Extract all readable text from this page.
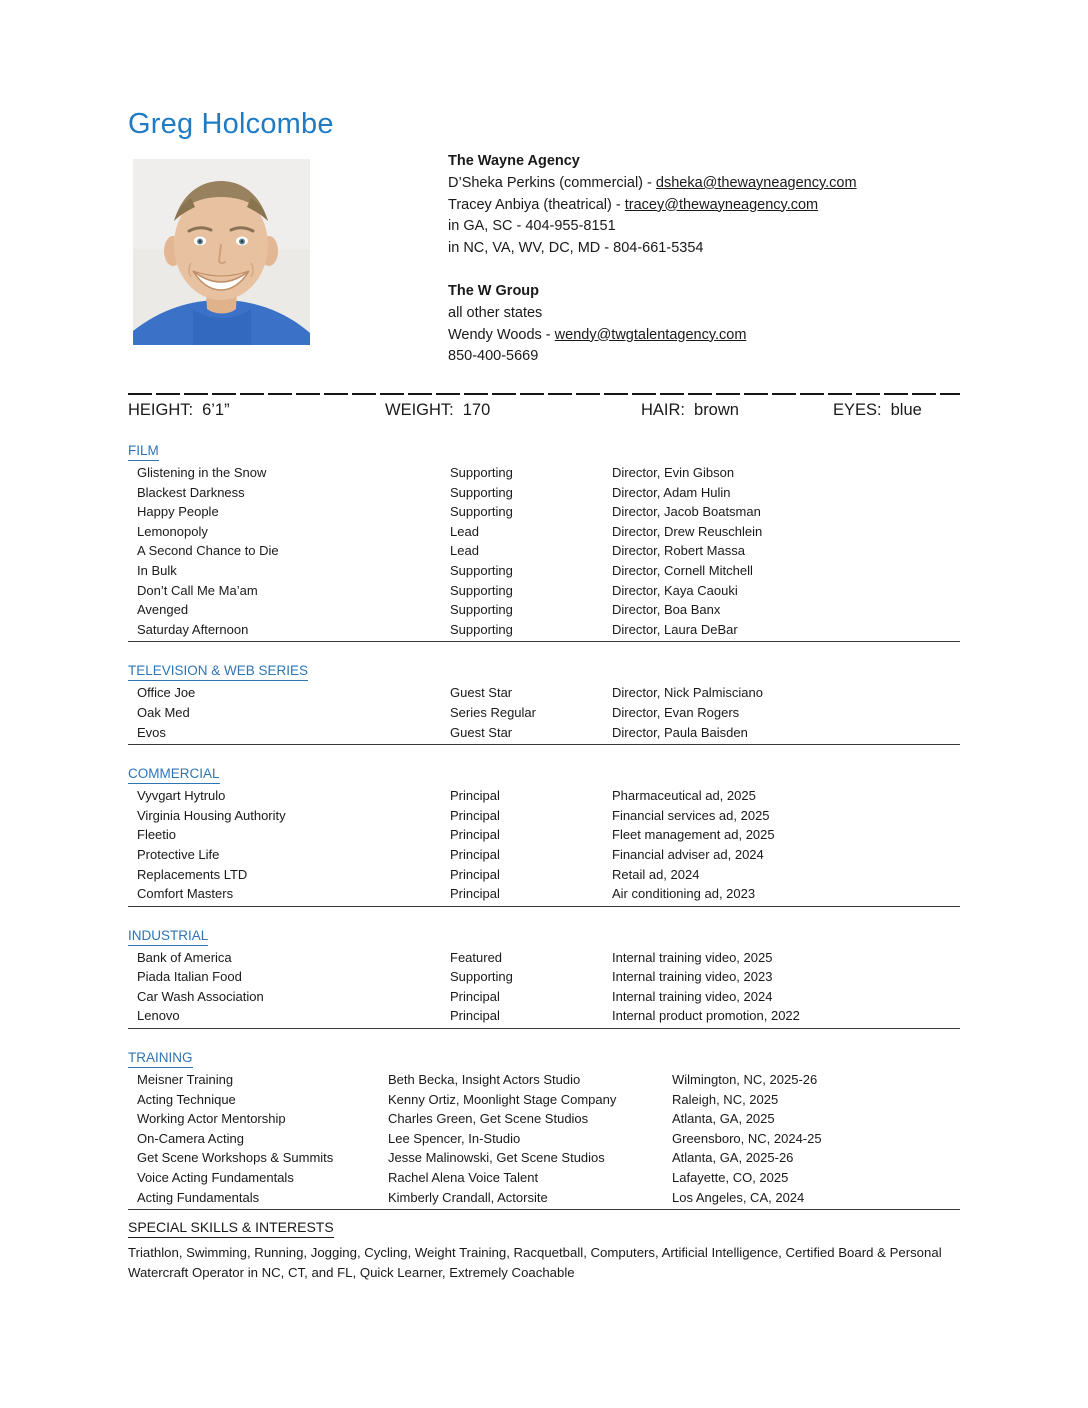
Greg Holcombe
The Wayne Agency
D’Sheka Perkins (commercial) - dsheka@thewayneagency.com
Tracey Anbiya (theatrical) - tracey@thewayneagency.com
in GA, SC - 404-955-8151
in NC, VA, WV, DC, MD - 804-661-5354
The W Group
all other states
Wendy Woods - wendy@twgtalentagency.com
850-400-5669
HEIGHT: 6’1”	WEIGHT: 170	HAIR: brown	EYES: blue
FILM
Glistening in the Snow	Supporting	Director, Evin Gibson
Blackest Darkness	Supporting	Director, Adam Hulin
Happy People	Supporting	Director, Jacob Boatsman
Lemonopoly	Lead	Director, Drew Reuschlein
A Second Chance to Die	Lead	Director, Robert Massa
In Bulk	Supporting	Director, Cornell Mitchell
Don’t Call Me Ma’am	Supporting	Director, Kaya Caouki
Avenged	Supporting	Director, Boa Banx
Saturday Afternoon	Supporting	Director, Laura DeBar
TELEVISION & WEB SERIES
Office Joe	Guest Star	Director, Nick Palmisciano
Oak Med	Series Regular	Director, Evan Rogers
Evos	Guest Star	Director, Paula Baisden
COMMERCIAL
Vyvgart Hytrulo	Principal	Pharmaceutical ad, 2025
Virginia Housing Authority	Principal	Financial services ad, 2025
Fleetio	Principal	Fleet management ad, 2025
Protective Life	Principal	Financial adviser ad, 2024
Replacements LTD	Principal	Retail ad, 2024
Comfort Masters	Principal	Air conditioning ad, 2023
INDUSTRIAL
Bank of America	Featured	Internal training video, 2025
Piada Italian Food	Supporting	Internal training video, 2023
Car Wash Association	Principal	Internal training video, 2024
Lenovo	Principal	Internal product promotion, 2022
TRAINING
Meisner Training	Beth Becka, Insight Actors Studio	Wilmington, NC, 2025-26
Acting Technique	Kenny Ortiz, Moonlight Stage Company	Raleigh, NC, 2025
Working Actor Mentorship	Charles Green, Get Scene Studios	Atlanta, GA, 2025
On-Camera Acting	Lee Spencer, In-Studio	Greensboro, NC, 2024-25
Get Scene Workshops & Summits	Jesse Malinowski, Get Scene Studios	Atlanta, GA, 2025-26
Voice Acting Fundamentals	Rachel Alena Voice Talent	Lafayette, CO, 2025
Acting Fundamentals	Kimberly Crandall, Actorsite	Los Angeles, CA, 2024
SPECIAL SKILLS & INTERESTS
Triathlon, Swimming, Running, Jogging, Cycling, Weight Training, Racquetball, Computers, Artificial Intelligence, Certified Board & Personal Watercraft Operator in NC, CT, and FL, Quick Learner, Extremely Coachable
